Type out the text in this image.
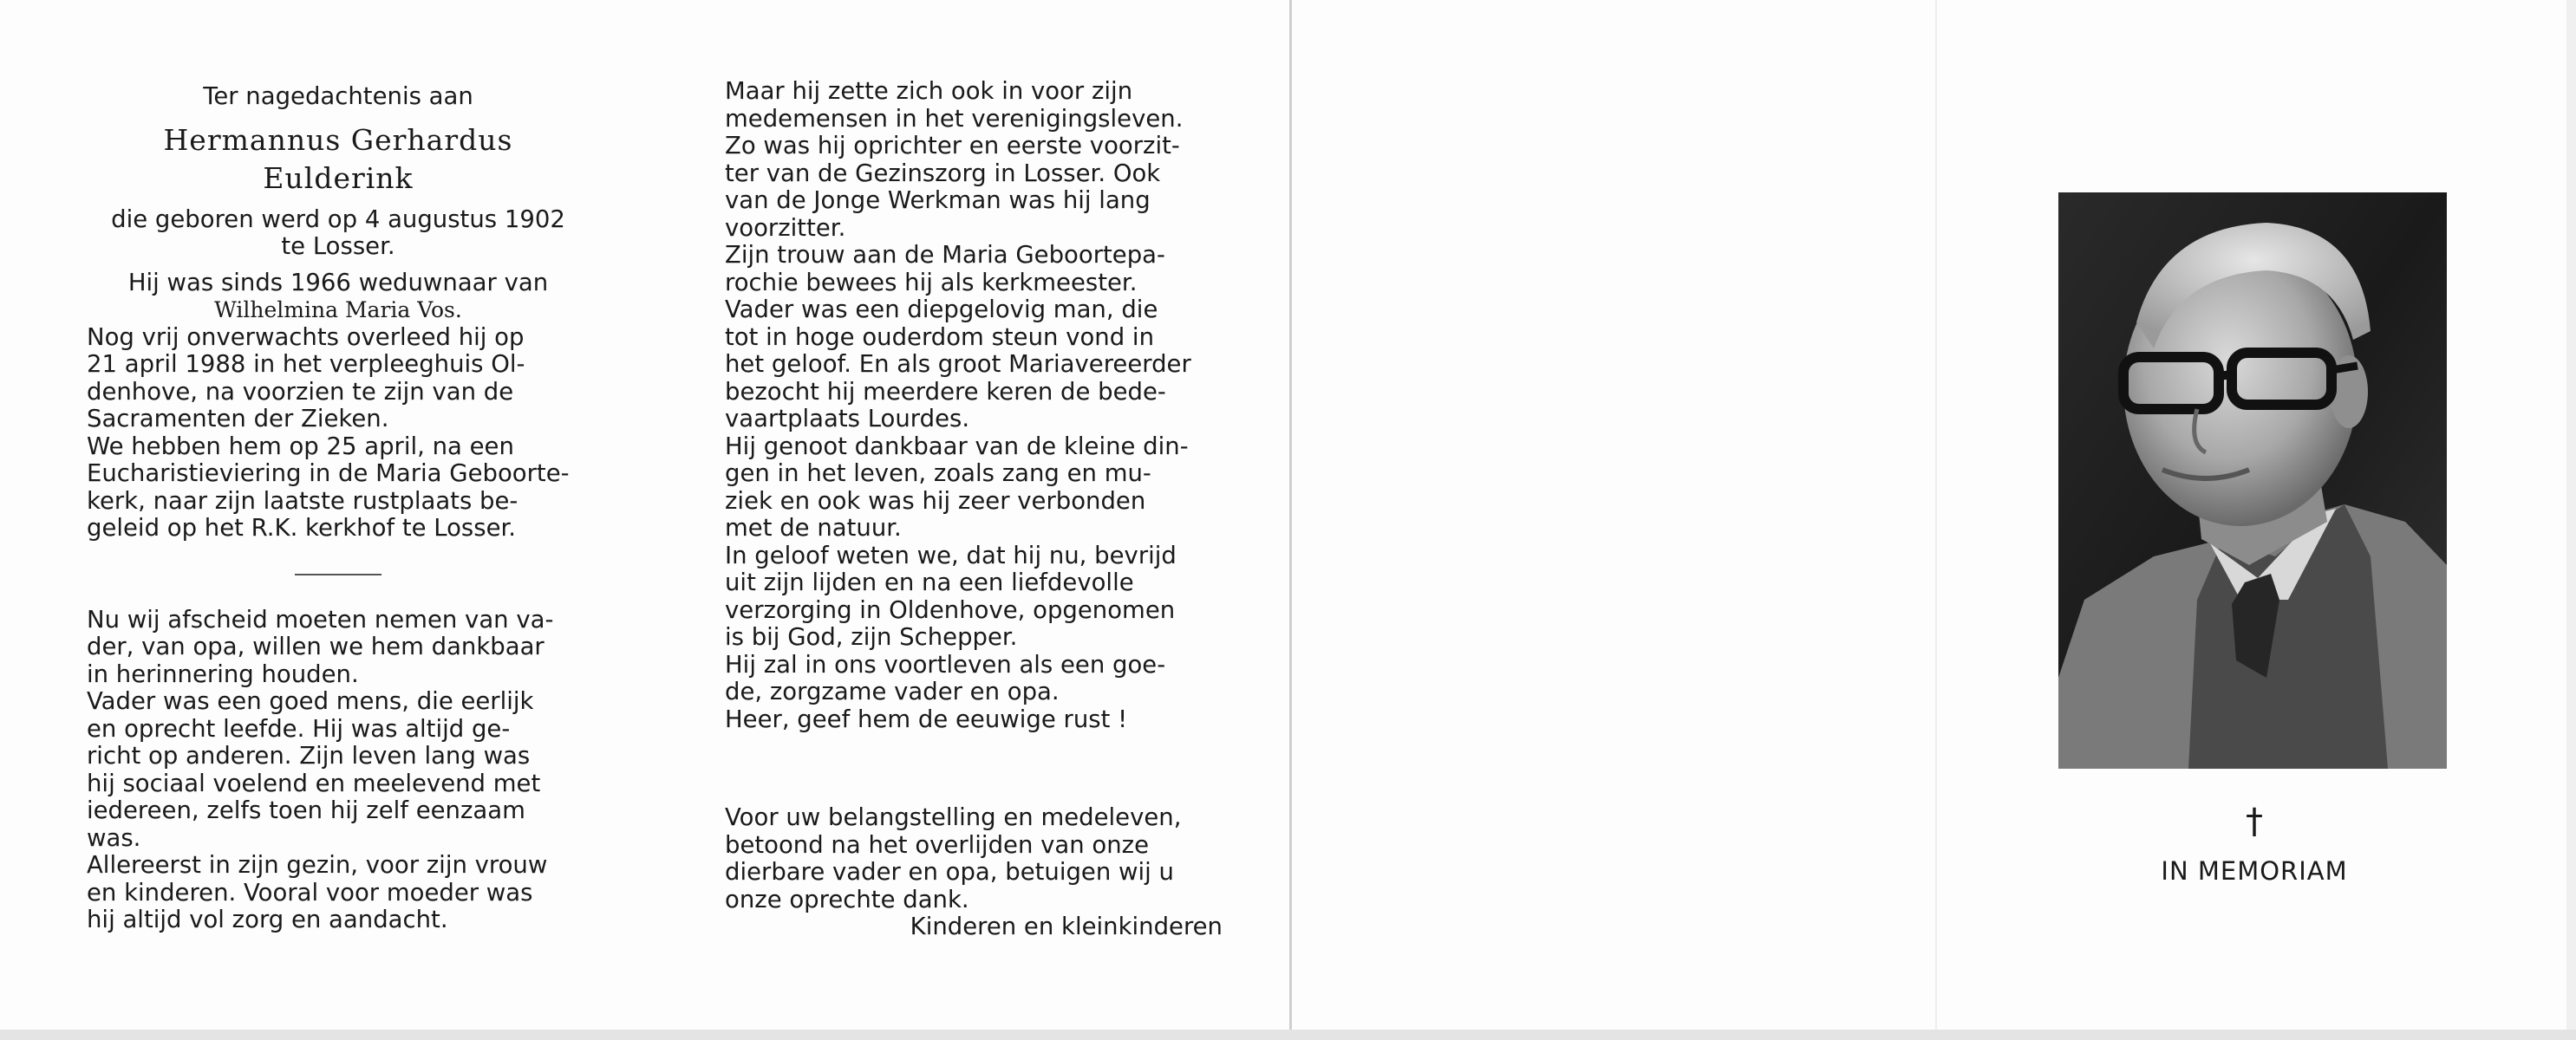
Ter nagedachtenis aan

Hermannus Gerhardus

Eulderink

die geboren werd op 4 augustus 1902
te Losser.
Hij was sinds 1966 weduwnaar van
Wilhelmina Maria Vos.
Nog vrij onverwachts overleed hij op
21 april 1988 in het verpleeghuis Ol-
denhove, na voorzien te zijn van de
Sacramenten der Zieken.
We hebben hem op 25 april, na een
Eucharistieviering in de Maria Geboorte-
kerk, naar zijn laatste rustplaats be-
geleid op het R.K. kerkhof te Losser.
Nu wij afscheid moeten nemen van va-
der, van opa, willen we hem dankbaar
in herinnering houden.
Vader was een goed mens, die eerlijk
en oprecht leefde. Hij was altijd ge-
richt op anderen. Zijn leven lang was
hij sociaal voelend en meelevend met
iedereen, zelfs toen hij zelf eenzaam
was.
Allereerst in zijn gezin, voor zijn vrouw
en kinderen. Vooral voor moeder was
hij altijd vol zorg en aandacht.
Maar hij zette zich ook in voor zijn
medemensen in het verenigingsleven.
Zo was hij oprichter en eerste voorzit-
ter van de Gezinszorg in Losser. Ook
van de Jonge Werkman was hij lang
voorzitter.
Zijn trouw aan de Maria Geboortepa-
rochie bewees hij als kerkmeester.
Vader was een diepgelovig man, die
tot in hoge ouderdom steun vond in
het geloof. En als groot Mariavereerder
bezocht hij meerdere keren de bede-
vaartplaats Lourdes.
Hij genoot dankbaar van de kleine din-
gen in het leven, zoals zang en mu-
ziek en ook was hij zeer verbonden
met de natuur.
In geloof weten we, dat hij nu, bevrijd
uit zijn lijden en na een liefdevolle
verzorging in Oldenhove, opgenomen
is bij God, zijn Schepper.
Hij zal in ons voortleven als een goe-
de, zorgzame vader en opa.

Heer, geef hem de eeuwige rust !

Voor uw belangstelling en medeleven,
betoond na het overlijden van onze
dierbare vader en opa, betuigen wij u
onze oprechte dank.

Kinderen en kleinkinderen

†
IN MEMORIAM
